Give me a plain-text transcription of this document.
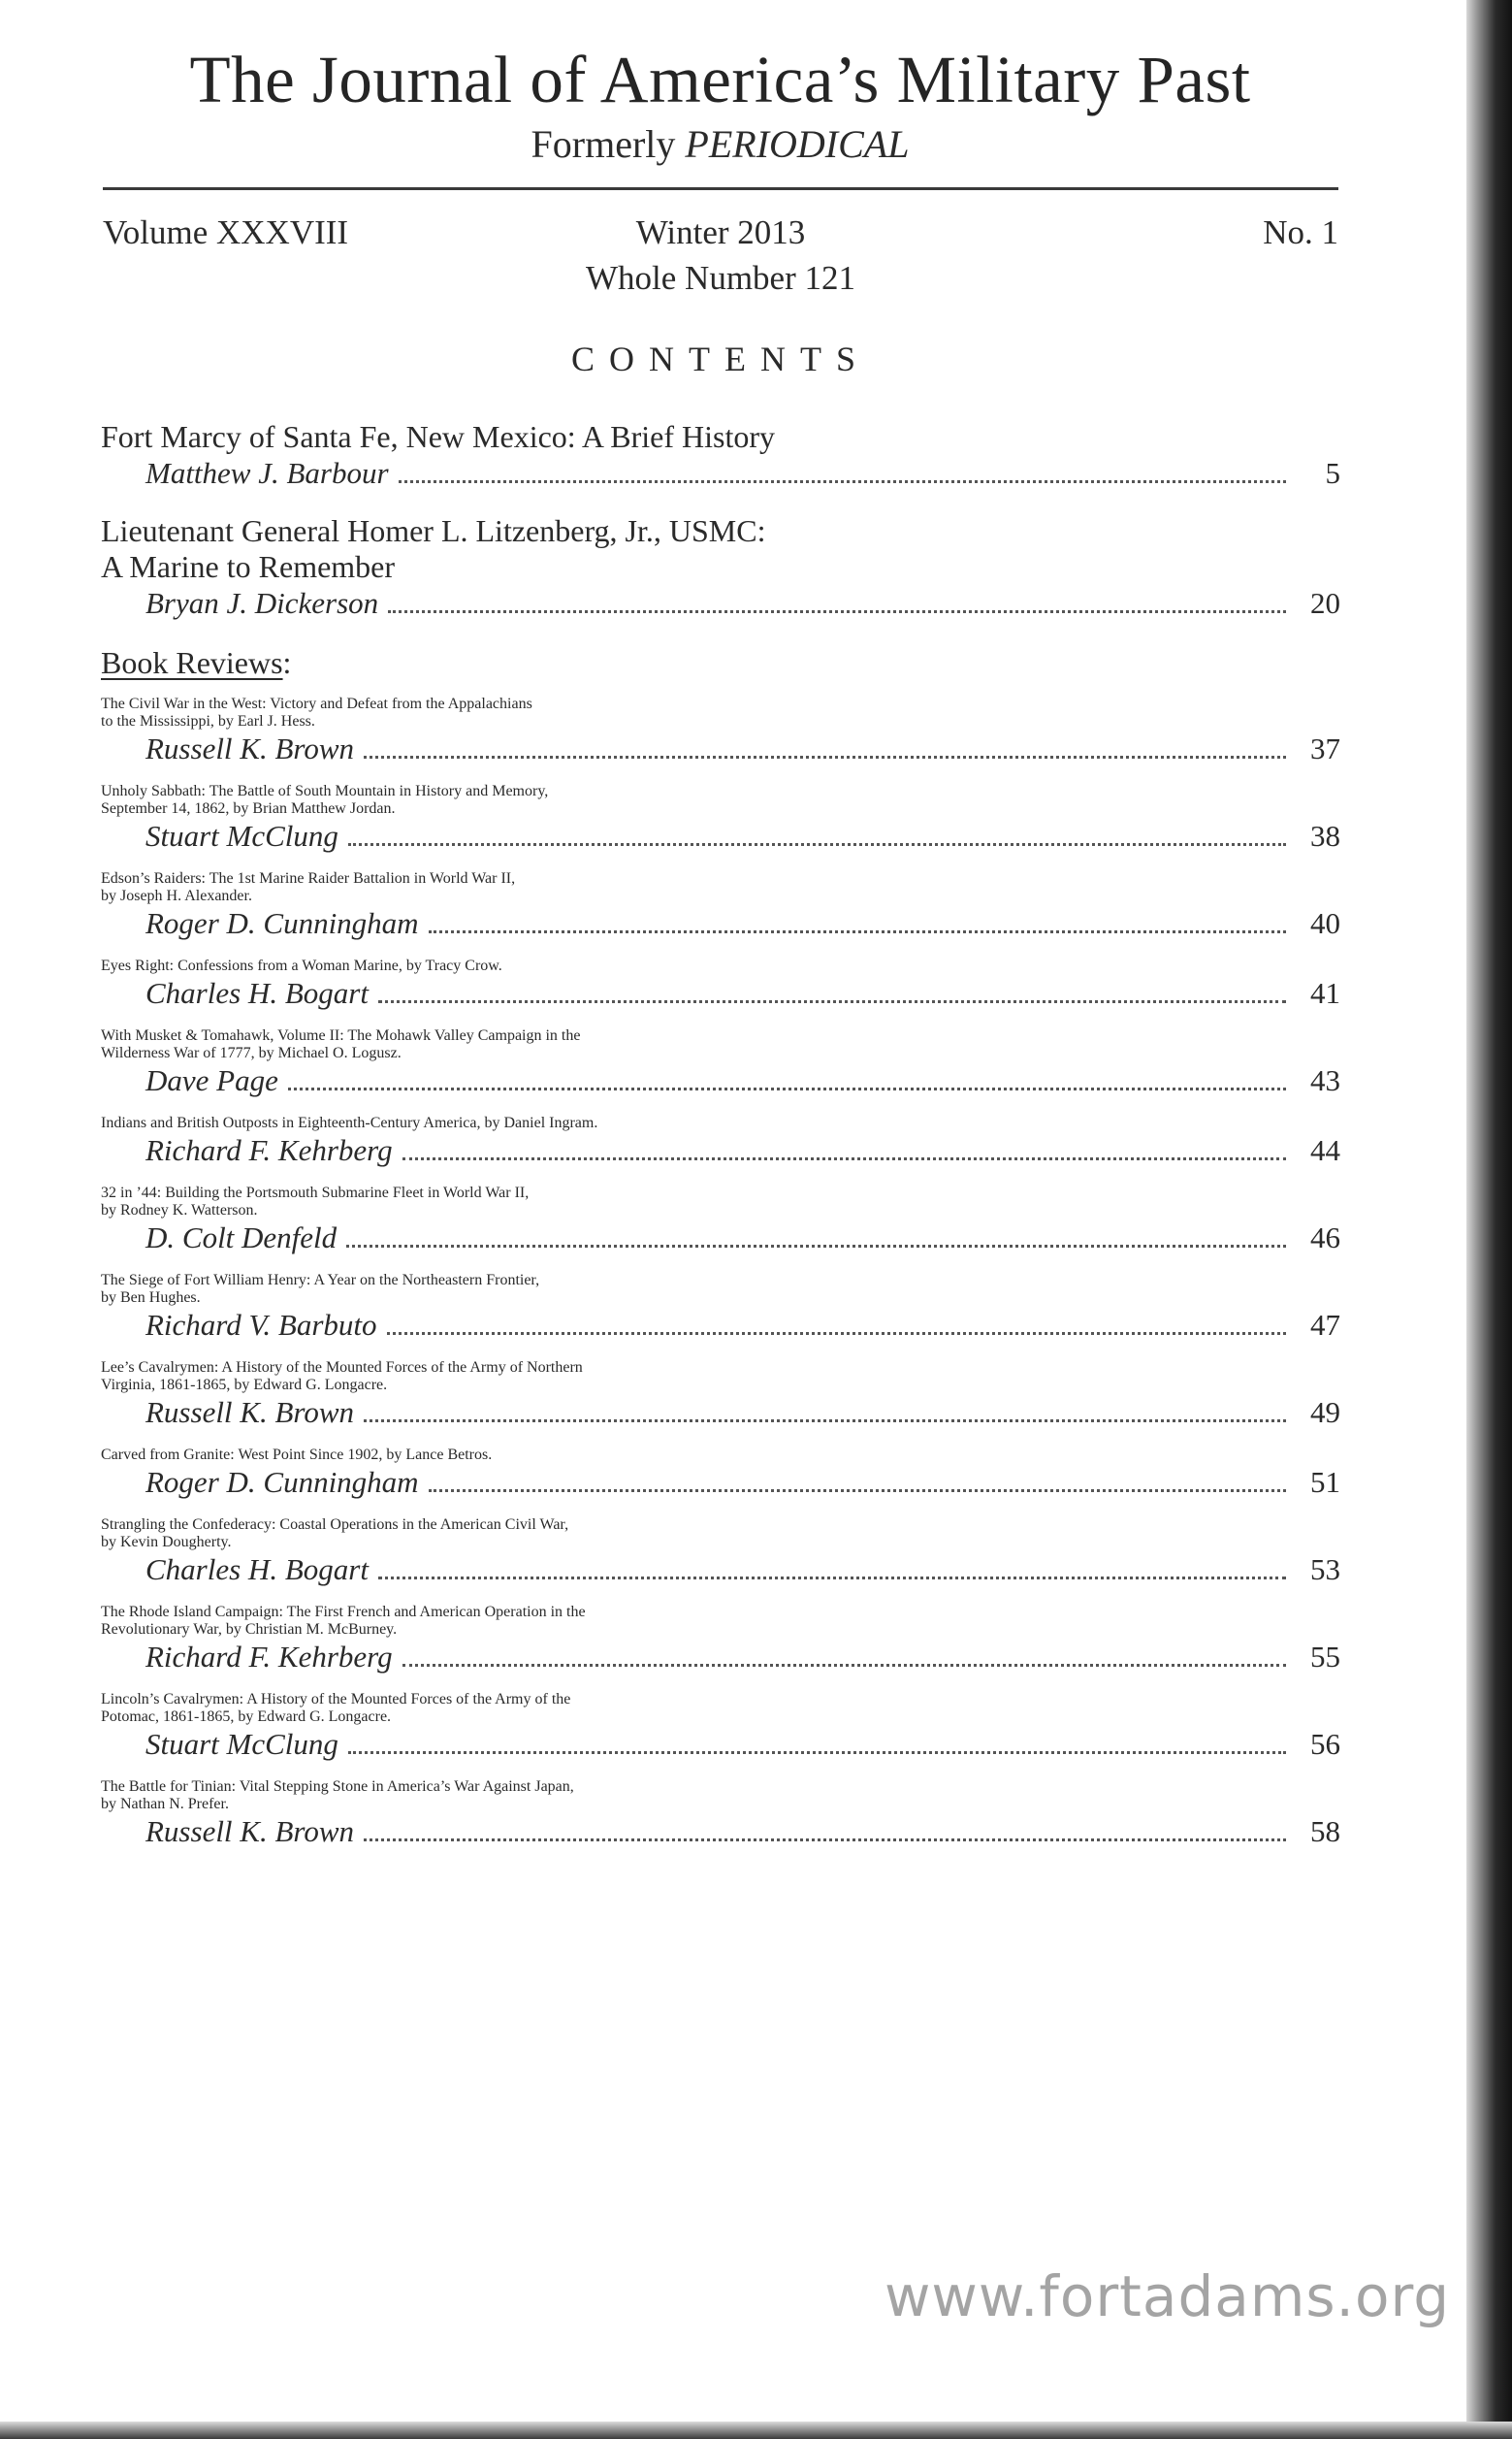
The Journal of America’s Military Past
Formerly PERIODICAL
Winter 2013
Volume XXXVIII	No. 1
Whole Number 121
CONTENTS
Fort Marcy of Santa Fe, New Mexico: A Brief History
Matthew J. Barbour	5
Lieutenant General Homer L. Litzenberg, Jr., USMC:
A Marine to Remember
Bryan J. Dickerson	20
Book Reviews:
The Civil War in the West: Victory and Defeat from the Appalachians
to the Mississippi, by Earl J. Hess.
Russell K. Brown	37
Unholy Sabbath: The Battle of South Mountain in History and Memory,
September 14, 1862, by Brian Matthew Jordan.
Stuart McClung	38
Edson’s Raiders: The 1st Marine Raider Battalion in World War II,
by Joseph H. Alexander.
Roger D. Cunningham	40
Eyes Right: Confessions from a Woman Marine, by Tracy Crow.
Charles H. Bogart	41
With Musket & Tomahawk, Volume II: The Mohawk Valley Campaign in the
Wilderness War of 1777, by Michael O. Logusz.
Dave Page	43
Indians and British Outposts in Eighteenth-Century America, by Daniel Ingram.
Richard F. Kehrberg	44
32 in ’44: Building the Portsmouth Submarine Fleet in World War II,
by Rodney K. Watterson.
D. Colt Denfeld	46
The Siege of Fort William Henry: A Year on the Northeastern Frontier,
by Ben Hughes.
Richard V. Barbuto	47
Lee’s Cavalrymen: A History of the Mounted Forces of the Army of Northern
Virginia, 1861-1865, by Edward G. Longacre.
Russell K. Brown	49
Carved from Granite: West Point Since 1902, by Lance Betros.
Roger D. Cunningham	51
Strangling the Confederacy: Coastal Operations in the American Civil War,
by Kevin Dougherty.
Charles H. Bogart	53
The Rhode Island Campaign: The First French and American Operation in the
Revolutionary War, by Christian M. McBurney.
Richard F. Kehrberg	55
Lincoln’s Cavalrymen: A History of the Mounted Forces of the Army of the
Potomac, 1861-1865, by Edward G. Longacre.
Stuart McClung	56
The Battle for Tinian: Vital Stepping Stone in America’s War Against Japan,
by Nathan N. Prefer.
Russell K. Brown	58
www.fortadams.org
